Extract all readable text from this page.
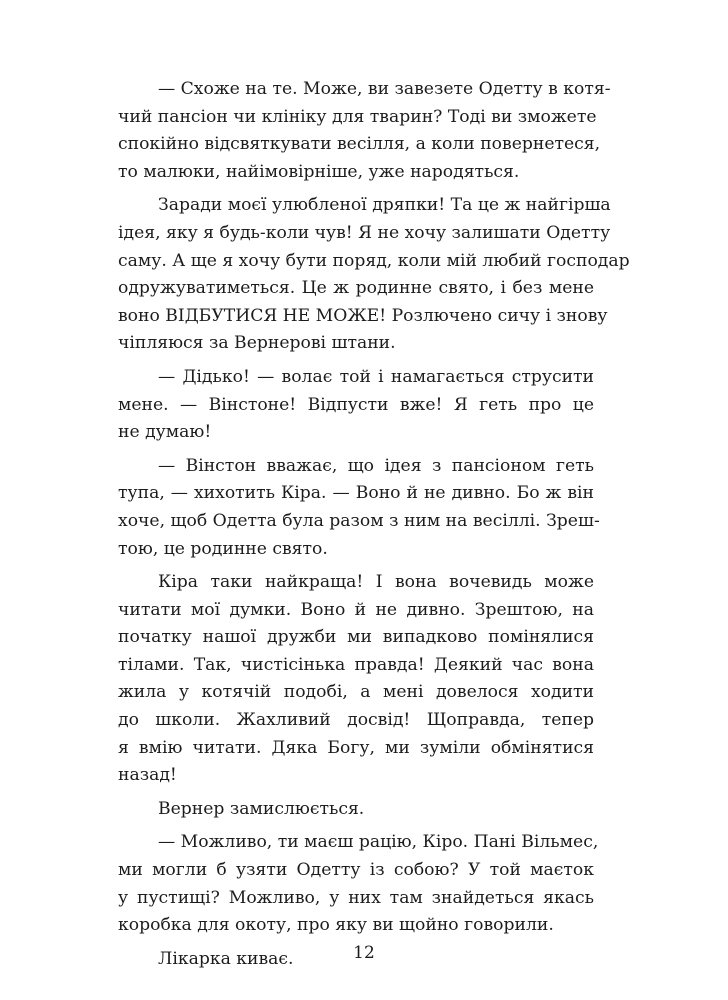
— Схоже на те. Може, ви завезете Одетту в котя-
чий пансіон чи клініку для тварин? Тоді ви зможете
спокійно відсвяткувати весілля, а коли повернетеся,
то малюки, найімовірніше, уже народяться.

Заради моєї улюбленої дряпки! Та це ж найгірша
ідея, яку я будь-коли чув! Я не хочу залишати Одетту
саму. А ще я хочу бути поряд, коли мій любий господар
одружуватиметься. Це ж родинне свято, і без мене
воно ВІДБУТИСЯ НЕ МОЖЕ! Розлючено сичу і знову
чіпляюся за Вернерові штани.

— Дідько! — волає той і намагається струсити
мене. — Вінстоне! Відпусти вже! Я геть про це
не думаю!

— Вінстон вважає, що ідея з пансіоном геть
тупа, — хихотить Кіра. — Воно й не дивно. Бо ж він
хоче, щоб Одетта була разом з ним на весіллі. Зреш-
тою, це родинне свято.

Кіра таки найкраща! І вона вочевидь може
читати мої думки. Воно й не дивно. Зрештою, на
початку нашої дружби ми випадково помінялися
тілами. Так, чистісінька правда! Деякий час вона
жила у котячій подобі, а мені довелося ходити
до школи. Жахливий досвід! Щоправда, тепер
я вмію читати. Дяка Богу, ми зуміли обмінятися
назад!

Вернер замислюється.

— Можливо, ти маєш рацію, Кіро. Пані Вільмес,
ми могли б узяти Одетту із собою? У той маєток
у пустищі? Можливо, у них там знайдеться якась
коробка для окоту, про яку ви щойно говорили.

Лікарка киває.	12
